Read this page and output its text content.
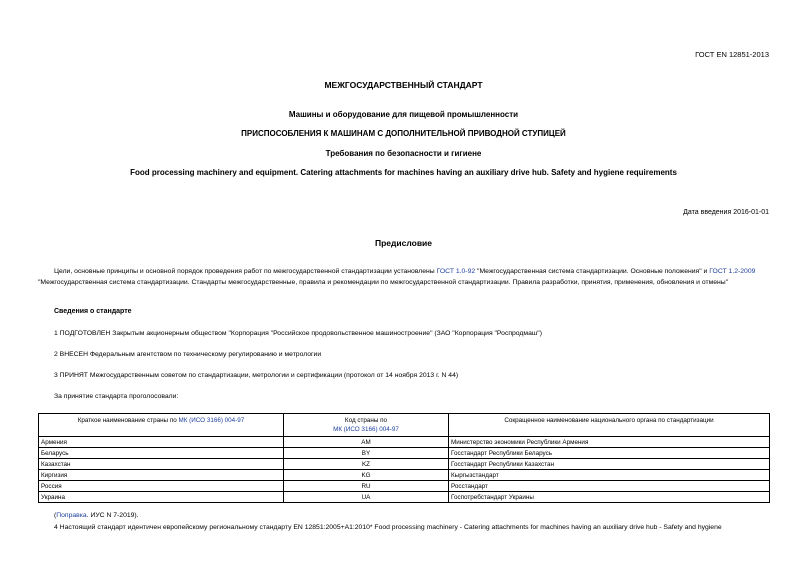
ГОСТ EN 12851-2013
МЕЖГОСУДАРСТВЕННЫЙ СТАНДАРТ
Машины и оборудование для пищевой промышленности
ПРИСПОСОБЛЕНИЯ К МАШИНАМ С ДОПОЛНИТЕЛЬНОЙ ПРИВОДНОЙ СТУПИЦЕЙ
Требования по безопасности и гигиене
Food processing machinery and equipment. Catering attachments for machines having an auxiliary drive hub. Safety and hygiene requirements
Дата введения 2016-01-01
Предисловие
Цели, основные принципы и основной порядок проведения работ по межгосударственной стандартизации установлены ГОСТ 1.0-92 "Межгосударственная система стандартизации. Основные положения" и ГОСТ 1.2-2009 "Межгосударственная система стандартизации. Стандарты межгосударственные, правила и рекомендации по межгосударственной стандартизации. Правила разработки, принятия, применения, обновления и отмены"
Сведения о стандарте
1 ПОДГОТОВЛЕН Закрытым акционерным обществом "Корпорация "Российское продовольственное машиностроение" (ЗАО "Корпорация "Роспродмаш")
2 ВНЕСЕН Федеральным агентством по техническому регулированию и метрологии
3 ПРИНЯТ Межгосударственным советом по стандартизации, метрологии и сертификации (протокол от 14 ноября 2013 г. N 44)
За принятие стандарта проголосовали:
Краткое наименование страны по МК (ИСО 3166) 004-97	Код страны по
МК (ИСО 3166) 004-97	Сокращенное наименование национального органа по стандартизации
Армения	AM	Министерство экономики Республики Армения
Беларусь	BY	Госстандарт Республики Беларусь
Казахстан	KZ	Госстандарт Республики Казахстан
Киргизия	KG	Кыргызстандарт
Россия	RU	Росстандарт
Украина	UA	Госпотребстандарт Украины
(Поправка. ИУС N 7-2019).
4 Настоящий стандарт идентичен европейскому региональному стандарту EN 12851:2005+A1:2010* Food processing machinery - Catering attachments for machines having an auxiliary drive hub - Safety and hygiene
